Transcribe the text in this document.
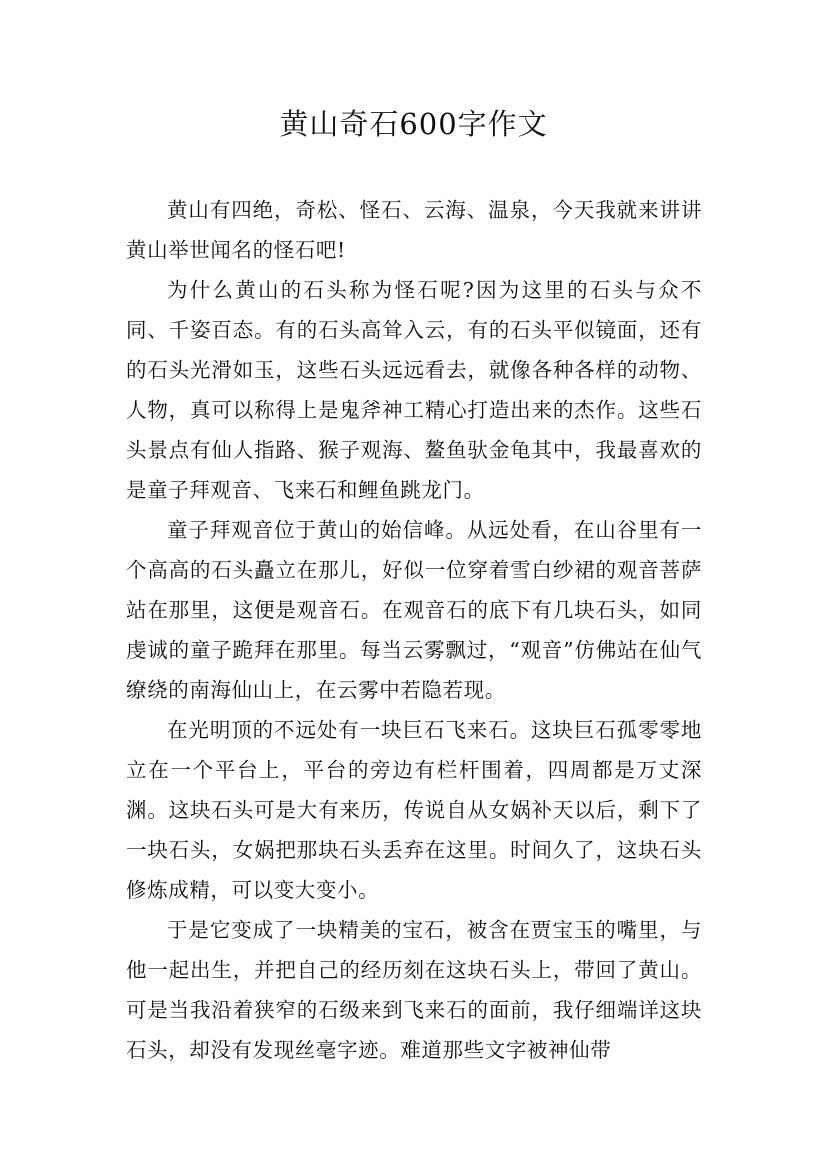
黄山奇石600字作文

黄山有四绝，奇松、怪石、云海、温泉，今天我就来讲讲黄山举世闻名的怪石吧!

为什么黄山的石头称为怪石呢?因为这里的石头与众不同、千姿百态。有的石头高耸入云，有的石头平似镜面，还有的石头光滑如玉，这些石头远远看去，就像各种各样的动物、人物，真可以称得上是鬼斧神工精心打造出来的杰作。这些石头景点有仙人指路、猴子观海、鳌鱼驮金龟其中，我最喜欢的是童子拜观音、飞来石和鲤鱼跳龙门。

童子拜观音位于黄山的始信峰。从远处看，在山谷里有一个高高的石头矗立在那儿，好似一位穿着雪白纱裙的观音菩萨站在那里，这便是观音石。在观音石的底下有几块石头，如同虔诚的童子跪拜在那里。每当云雾飘过，“观音”仿佛站在仙气缭绕的南海仙山上，在云雾中若隐若现。

在光明顶的不远处有一块巨石飞来石。这块巨石孤零零地立在一个平台上，平台的旁边有栏杆围着，四周都是万丈深渊。这块石头可是大有来历，传说自从女娲补天以后，剩下了一块石头，女娲把那块石头丢弃在这里。时间久了，这块石头修炼成精，可以变大变小。

于是它变成了一块精美的宝石，被含在贾宝玉的嘴里，与他一起出生，并把自己的经历刻在这块石头上，带回了黄山。可是当我沿着狭窄的石级来到飞来石的面前，我仔细端详这块石头，却没有发现丝毫字迹。难道那些文字被神仙带
